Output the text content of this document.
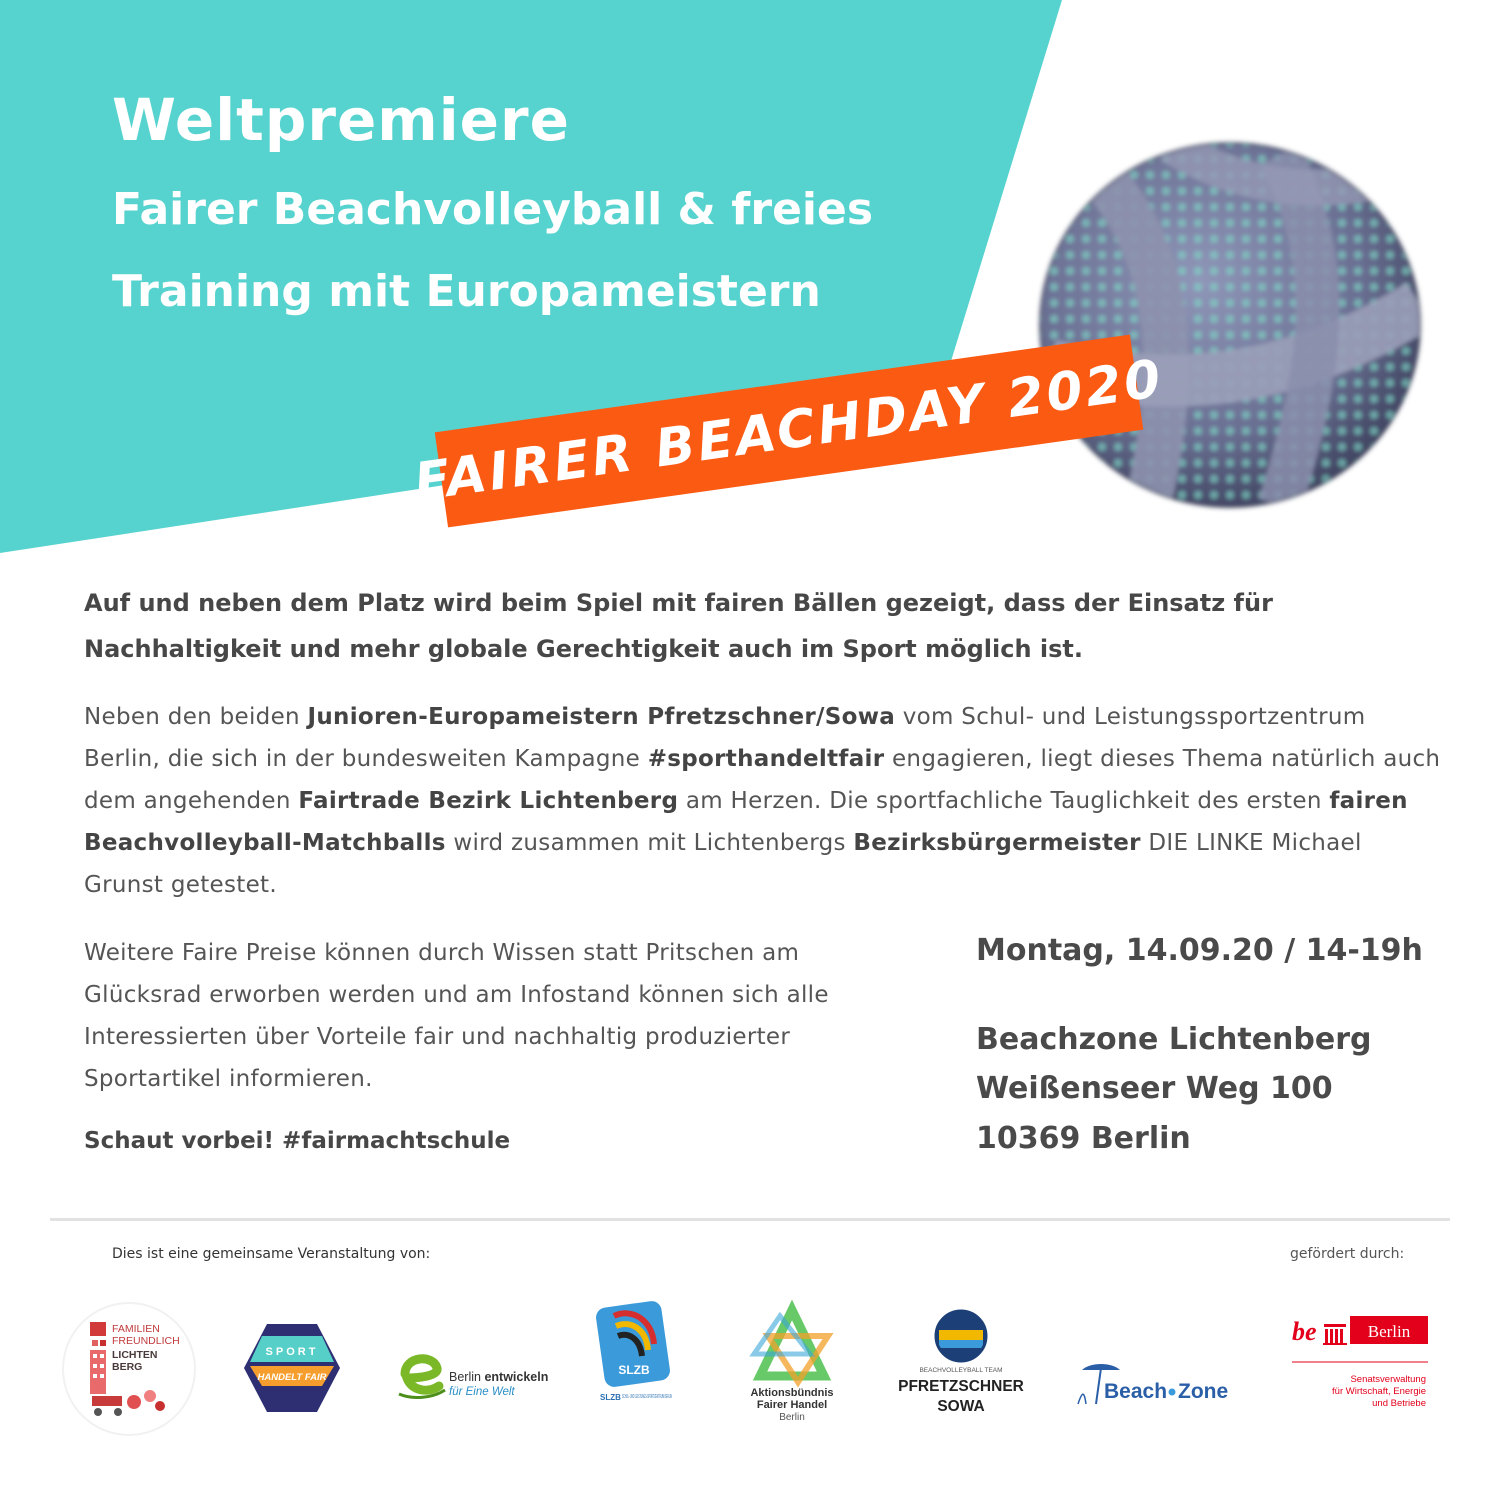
Weltpremiere
Fairer Beachvolleyball & freies
Training mit Europameistern
FAIRER BEACHDAY 2020

Auf und neben dem Platz wird beim Spiel mit fairen Bällen gezeigt, dass der Einsatz für Nachhaltigkeit und mehr globale Gerechtigkeit auch im Sport möglich ist.

Neben den beiden Junioren-Europameistern Pfretzschner/Sowa vom Schul- und Leistungssportzentrum Berlin, die sich in der bundesweiten Kampagne #sporthandeltfair engagieren, liegt dieses Thema natürlich auch dem angehenden Fairtrade Bezirk Lichtenberg am Herzen. Die sportfachliche Tauglichkeit des ersten fairen Beachvolleyball-Matchballs wird zusammen mit Lichtenbergs Bezirksbürgermeister DIE LINKE Michael Grunst getestet.

Weitere Faire Preise können durch Wissen statt Pritschen am Glücksrad erworben werden und am Infostand können sich alle Interessierten über Vorteile fair und nachhaltig produzierter Sportartikel informieren.

Schaut vorbei! #fairmachtschule

Montag, 14.09.20 / 14-19h

Beachzone Lichtenberg

Weißenseer Weg 100

10369 Berlin

Dies ist eine gemeinsame Veranstaltung von:	gefördert durch:
FAMILIEN
FREUNDLICH
LICHTEN
BERG
SPORT
HANDELT FAIR	Berlin entwickeln
für Eine Welt
SLZB
SLZB SCHUL- UND LEISTUNGS-SPORTZENTRUM BERLIN	Aktionsbündnis
Fairer Handel
Berlin
BEACHVOLLEYBALL TEAM
PFRETZSCHNER
SOWA
Beach Zone
be	Berlin
Senatsverwaltung
für Wirtschaft, Energie
und Betriebe
